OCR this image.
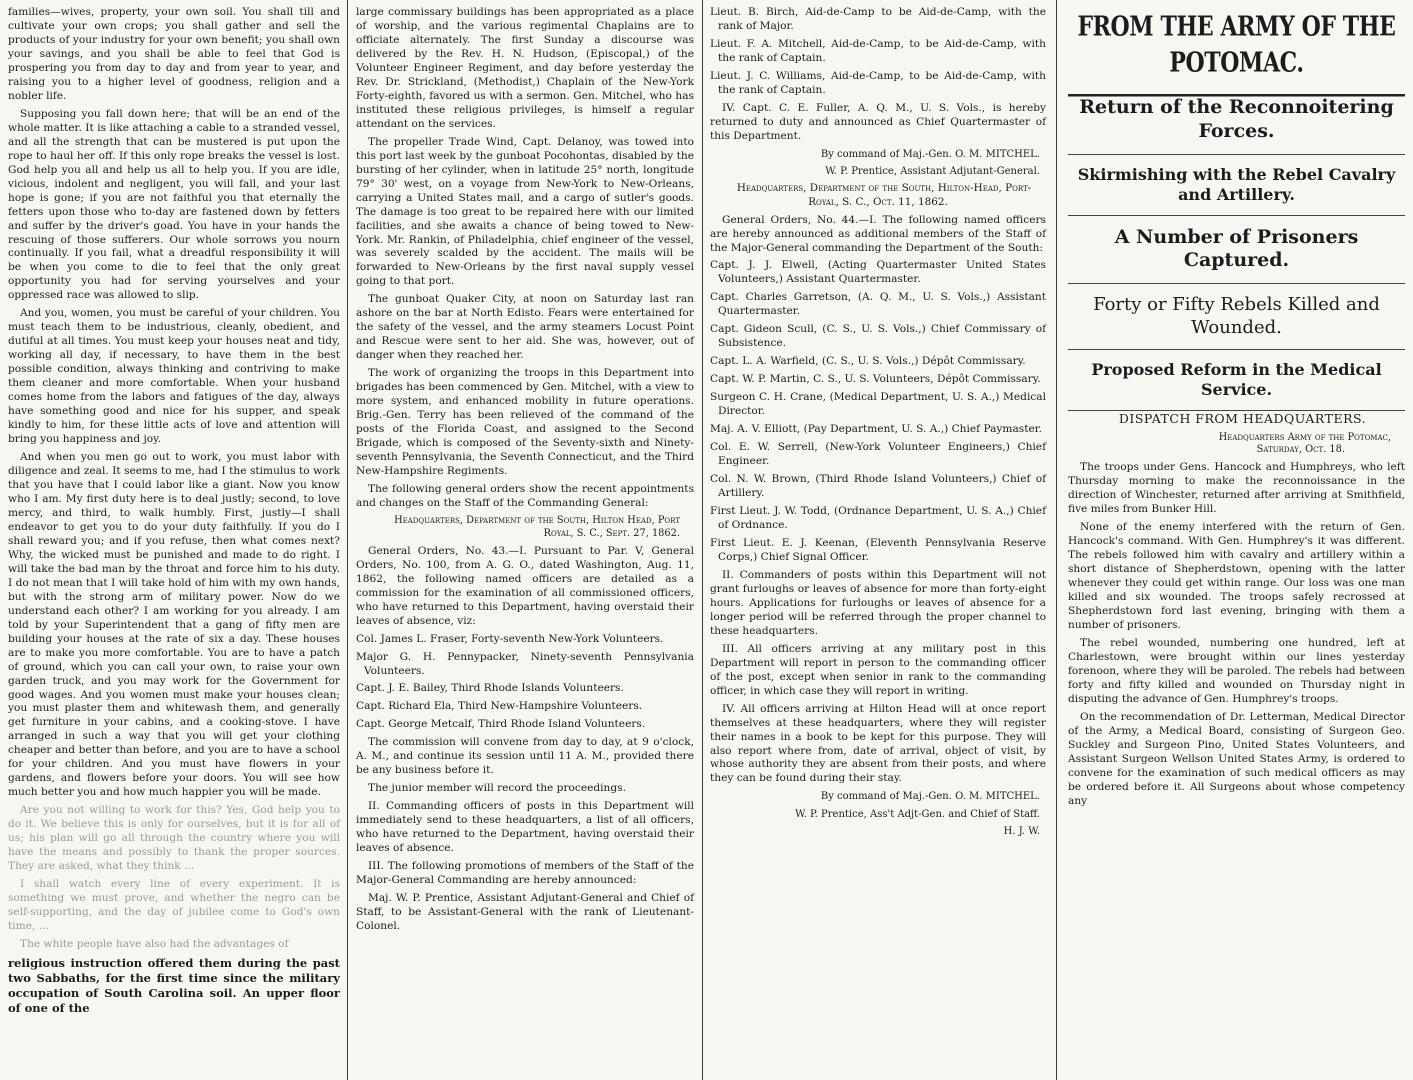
families—wives, property, your own soil. You shall till and cultivate your own crops; you shall gather and sell the products of your industry for your own benefit; you shall own your savings, and you shall be able to feel that God is prospering you from day to day and from year to year, and raising you to a higher level of goodness, religion and a nobler life.

Supposing you fall down here; that will be an end of the whole matter. It is like attaching a cable to a stranded vessel, and all the strength that can be mustered is put upon the rope to haul her off. If this only rope breaks the vessel is lost. God help you all and help us all to help you. If you are idle, vicious, indolent and negligent, you will fall, and your last hope is gone; if you are not faithful you that eternally the fetters upon those who to-day are fastened down by fetters and suffer by the driver's goad. You have in your hands the rescuing of those sufferers. Our whole sorrows you nourn continually. If you fail, what a dreadful responsibility it will be when you come to die to feel that the only great opportunity you had for serving yourselves and your oppressed race was allowed to slip.

And you, women, you must be careful of your children. You must teach them to be industrious, cleanly, obedient, and dutiful at all times. You must keep your houses neat and tidy, working all day, if necessary, to have them in the best possible condition, always thinking and contriving to make them cleaner and more comfortable. When your husband comes home from the labors and fatigues of the day, always have something good and nice for his supper, and speak kindly to him, for these little acts of love and attention will bring you happiness and joy.

And when you men go out to work, you must labor with diligence and zeal. It seems to me, had I the stimulus to work that you have that I could labor like a giant. Now you know who I am. My first duty here is to deal justly; second, to love mercy, and third, to walk humbly. First, justly—I shall endeavor to get you to do your duty faithfully. If you do I shall reward you; and if you refuse, then what comes next? Why, the wicked must be punished and made to do right. I will take the bad man by the throat and force him to his duty. I do not mean that I will take hold of him with my own hands, but with the strong arm of military power. Now do we understand each other? I am working for you already. I am told by your Superintendent that a gang of fifty men are building your houses at the rate of six a day. These houses are to make you more comfortable. You are to have a patch of ground, which you can call your own, to raise your own garden truck, and you may work for the Government for good wages. And you women must make your houses clean; you must plaster them and whitewash them, and generally get furniture in your cabins, and a cooking-stove. I have arranged in such a way that you will get your clothing cheaper and better than before, and you are to have a school for your children. And you must have flowers in your gardens, and flowers before your doors. You will see how much better you and how much happier you will be made.

Are you not willing to work for this? Yes, God help you to do it. We believe this is only for ourselves, but it is for all of us; his plan will go all through the country where you will have the means and possibly to thank the proper sources. They are asked, what they think ...

I shall watch every line of every experiment. It is something we must prove, and whether the negro can be self-supporting, and the day of jubilee come to God's own time, ...

The white people have also had the advantages of

religious instruction offered them during the past two Sabbaths, for the first time since the military occupation of South Carolina soil. An upper floor of one of the

large commissary buildings has been appropriated as a place of worship, and the various regimental Chaplains are to officiate alternately. The first Sunday a discourse was delivered by the Rev. H. N. Hudson, (Episcopal,) of the Volunteer Engineer Regiment, and day before yesterday the Rev. Dr. Strickland, (Methodist,) Chaplain of the New-York Forty-eighth, favored us with a sermon. Gen. Mitchel, who has instituted these religious privileges, is himself a regular attendant on the services.

The propeller Trade Wind, Capt. Delanoy, was towed into this port last week by the gunboat Pocohontas, disabled by the bursting of her cylinder, when in latitude 25° north, longitude 79° 30' west, on a voyage from New-York to New-Orleans, carrying a United States mail, and a cargo of sutler's goods. The damage is too great to be repaired here with our limited facilities, and she awaits a chance of being towed to New-York. Mr. Rankin, of Philadelphia, chief engineer of the vessel, was severely scalded by the accident. The mails will be forwarded to New-Orleans by the first naval supply vessel going to that port.

The gunboat Quaker City, at noon on Saturday last ran ashore on the bar at North Edisto. Fears were entertained for the safety of the vessel, and the army steamers Locust Point and Rescue were sent to her aid. She was, however, out of danger when they reached her.

The work of organizing the troops in this Department into brigades has been commenced by Gen. Mitchel, with a view to more system, and enhanced mobility in future operations. Brig.-Gen. Terry has been relieved of the command of the posts of the Florida Coast, and assigned to the Second Brigade, which is composed of the Seventy-sixth and Ninety-seventh Pennsylvania, the Seventh Connecticut, and the Third New-Hampshire Regiments.

The following general orders show the recent appointments and changes on the Staff of the Commanding General:

Headquarters, Department of the South, Hilton Head, Port Royal, S. C., Sept. 27, 1862.

General Orders, No. 43.—I. Pursuant to Par. V, General Orders, No. 100, from A. G. O., dated Washington, Aug. 11, 1862, the following named officers are detailed as a commission for the examination of all commissioned officers, who have returned to this Department, having overstaid their leaves of absence, viz:

Col. James L. Fraser, Forty-seventh New-York Volunteers.

Major G. H. Pennypacker, Ninety-seventh Pennsylvania Volunteers.

Capt. J. E. Bailey, Third Rhode Islands Volunteers.

Capt. Richard Ela, Third New-Hampshire Volunteers.

Capt. George Metcalf, Third Rhode Island Volunteers.

The commission will convene from day to day, at 9 o'clock, A. M., and continue its session until 11 A. M., provided there be any business before it.

The junior member will record the proceedings.

II. Commanding officers of posts in this Department will immediately send to these headquarters, a list of all officers, who have returned to the Department, having overstaid their leaves of absence.

III. The following promotions of members of the Staff of the Major-General Commanding are hereby announced:

Maj. W. P. Prentice, Assistant Adjutant-General and Chief of Staff, to be Assistant-General with the rank of Lieutenant-Colonel.

Lieut. B. Birch, Aid-de-Camp to be Aid-de-Camp, with the rank of Major.

Lieut. F. A. Mitchell, Aid-de-Camp, to be Aid-de-Camp, with the rank of Captain.

Lieut. J. C. Williams, Aid-de-Camp, to be Aid-de-Camp, with the rank of Captain.

IV. Capt. C. E. Fuller, A. Q. M., U. S. Vols., is hereby returned to duty and announced as Chief Quartermaster of this Department.

By command of Maj.-Gen. O. M. MITCHEL.

W. P. Prentice, Assistant Adjutant-General.

Headquarters, Department of the South, Hilton-Head, Port-Royal, S. C., Oct. 11, 1862.

General Orders, No. 44.—I. The following named officers are hereby announced as additional members of the Staff of the Major-General commanding the Department of the South:

Capt. J. J. Elwell, (Acting Quartermaster United States Volunteers,) Assistant Quartermaster.

Capt. Charles Garretson, (A. Q. M., U. S. Vols.,) Assistant Quartermaster.

Capt. Gideon Scull, (C. S., U. S. Vols.,) Chief Commissary of Subsistence.

Capt. L. A. Warfield, (C. S., U. S. Vols.,) Dépôt Commissary.

Capt. W. P. Martin, C. S., U. S. Volunteers, Dépôt Commissary.

Surgeon C. H. Crane, (Medical Department, U. S. A.,) Medical Director.

Maj. A. V. Elliott, (Pay Department, U. S. A.,) Chief Paymaster.

Col. E. W. Serrell, (New-York Volunteer Engineers,) Chief Engineer.

Col. N. W. Brown, (Third Rhode Island Volunteers,) Chief of Artillery.

First Lieut. J. W. Todd, (Ordnance Department, U. S. A.,) Chief of Ordnance.

First Lieut. E. J. Keenan, (Eleventh Pennsylvania Reserve Corps,) Chief Signal Officer.

II. Commanders of posts within this Department will not grant furloughs or leaves of absence for more than forty-eight hours. Applications for furloughs or leaves of absence for a longer period will be referred through the proper channel to these headquarters.

III. All officers arriving at any military post in this Department will report in person to the commanding officer of the post, except when senior in rank to the commanding officer, in which case they will report in writing.

IV. All officers arriving at Hilton Head will at once report themselves at these headquarters, where they will register their names in a book to be kept for this purpose. They will also report where from, date of arrival, object of visit, by whose authority they are absent from their posts, and where they can be found during their stay.

By command of Maj.-Gen. O. M. MITCHEL.

W. P. Prentice, Ass't Adjt-Gen. and Chief of Staff.

H. J. W.

FROM THE ARMY OF THE POTOMAC.
Return of the Reconnoitering Forces.
Skirmishing with the Rebel Cavalry and Artillery.
A Number of Prisoners Captured.
Forty or Fifty Rebels Killed and Wounded.
Proposed Reform in the Medical Service.

DISPATCH FROM HEADQUARTERS.

Headquarters Army of the Potomac,

Saturday, Oct. 18.

The troops under Gens. Hancock and Humphreys, who left Thursday morning to make the reconnoissance in the direction of Winchester, returned after arriving at Smithfield, five miles from Bunker Hill.

None of the enemy interfered with the return of Gen. Hancock's command. With Gen. Humphrey's it was different. The rebels followed him with cavalry and artillery within a short distance of Shepherdstown, opening with the latter whenever they could get within range. Our loss was one man killed and six wounded. The troops safely recrossed at Shepherdstown ford last evening, bringing with them a number of prisoners.

The rebel wounded, numbering one hundred, left at Charlestown, were brought within our lines yesterday forenoon, where they will be paroled. The rebels had between forty and fifty killed and wounded on Thursday night in disputing the advance of Gen. Humphrey's troops.

On the recommendation of Dr. Letterman, Medical Director of the Army, a Medical Board, consisting of Surgeon Geo. Suckley and Surgeon Pino, United States Volunteers, and Assistant Surgeon Wellson United States Army, is ordered to convene for the examination of such medical officers as may be ordered before it. All Surgeons about whose competency any
